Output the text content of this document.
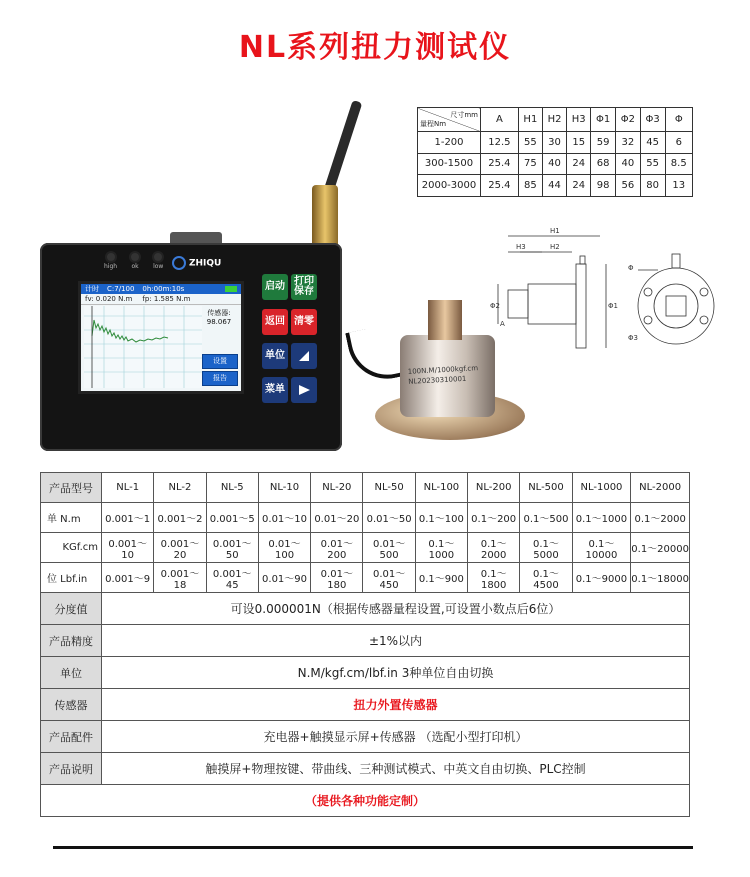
NL系列扭力测试仪
high ok low	ZHIQU
计时 C:7/100 0h:00m:10s
fv: 0.020 N.m fp: 1.585 N.m
传感器:
98.067
设置
报告
启动 打印保存
返回 清零
单位
菜单
100N.M/1000kgf.cm
NL20230310001
尺寸mm
量程Nm	A	H1	H2	H3	Φ1	Φ2	Φ3	Φ
1-200	12.5	55	30	15	59	32	45	6
300-1500	25.4	75	40	24	68	40	55	8.5
2000-3000	25.4	85	44	24	98	56	80	13
H1
H2
H3
Φ2
A
Φ1
Φ
Φ3
产品型号	NL-1	NL-2	NL-5	NL-10	NL-20	NL-50	NL-100	NL-200	NL-500	NL-1000	NL-2000
单 N.m	0.001～1	0.001～2	0.001～5	0.01～10	0.01～20	0.01～50	0.1～100	0.1～200	0.1～500	0.1～1000	0.1～2000
KGf.cm	0.001～10	0.001～20	0.001～50	0.01～100	0.01～200	0.01～500	0.1～1000	0.1～2000	0.1～5000	0.1～10000	0.1～20000
位 Lbf.in	0.001～9	0.001～18	0.001～45	0.01～90	0.01～180	0.01～450	0.1～900	0.1～1800	0.1～4500	0.1～9000	0.1～18000
分度值	可设0.000001N（根据传感器量程设置,可设置小数点后6位）										
产品精度	±1%以内										
单位	N.M/kgf.cm/lbf.in 3种单位自由切换										
传感器	扭力外置传感器										
产品配件	充电器+触摸显示屏+传感器 （选配小型打印机）										
产品说明	触摸屏+物理按键、带曲线、三种测试模式、中英文自由切换、PLC控制										
（提供各种功能定制）											
